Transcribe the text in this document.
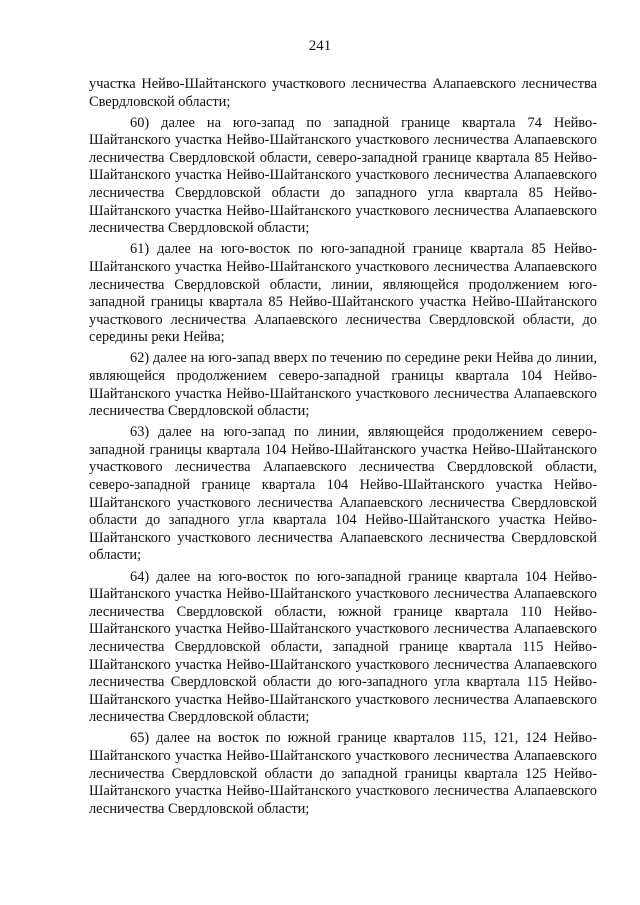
241

участка Нейво-Шайтанского участкового лесничества Алапаевского лесничества Свердловской области;

60) далее на юго-запад по западной границе квартала 74 Нейво-Шайтанского участка Нейво-Шайтанского участкового лесничества Алапаевского лесничества Свердловской области, северо-западной границе квартала 85 Нейво-Шайтанского участка Нейво-Шайтанского участкового лесничества Алапаевского лесничества Свердловской области до западного угла квартала 85 Нейво-Шайтанского участка Нейво-Шайтанского участкового лесничества Алапаевского лесничества Свердловской области;

61) далее на юго-восток по юго-западной границе квартала 85 Нейво-Шайтанского участка Нейво-Шайтанского участкового лесничества Алапаевского лесничества Свердловской области, линии, являющейся продолжением юго-западной границы квартала 85 Нейво-Шайтанского участка Нейво-Шайтанского участкового лесничества Алапаевского лесничества Свердловской области, до середины реки Нейва;

62) далее на юго-запад вверх по течению по середине реки Нейва до линии, являющейся продолжением северо-западной границы квартала 104 Нейво-Шайтанского участка Нейво-Шайтанского участкового лесничества Алапаевского лесничества Свердловской области;

63) далее на юго-запад по линии, являющейся продолжением северо-западной границы квартала 104 Нейво-Шайтанского участка Нейво-Шайтанского участкового лесничества Алапаевского лесничества Свердловской области, северо-западной границе квартала 104 Нейво-Шайтанского участка Нейво-Шайтанского участкового лесничества Алапаевского лесничества Свердловской области до западного угла квартала 104 Нейво-Шайтанского участка Нейво-Шайтанского участкового лесничества Алапаевского лесничества Свердловской области;

64) далее на юго-восток по юго-западной границе квартала 104 Нейво-Шайтанского участка Нейво-Шайтанского участкового лесничества Алапаевского лесничества Свердловской области, южной границе квартала 110 Нейво-Шайтанского участка Нейво-Шайтанского участкового лесничества Алапаевского лесничества Свердловской области, западной границе квартала 115 Нейво-Шайтанского участка Нейво-Шайтанского участкового лесничества Алапаевского лесничества Свердловской области до юго-западного угла квартала 115 Нейво-Шайтанского участка Нейво-Шайтанского участкового лесничества Алапаевского лесничества Свердловской области;

65) далее на восток по южной границе кварталов 115, 121, 124 Нейво-Шайтанского участка Нейво-Шайтанского участкового лесничества Алапаевского лесничества Свердловской области до западной границы квартала 125 Нейво-Шайтанского участка Нейво-Шайтанского участкового лесничества Алапаевского лесничества Свердловской области;
